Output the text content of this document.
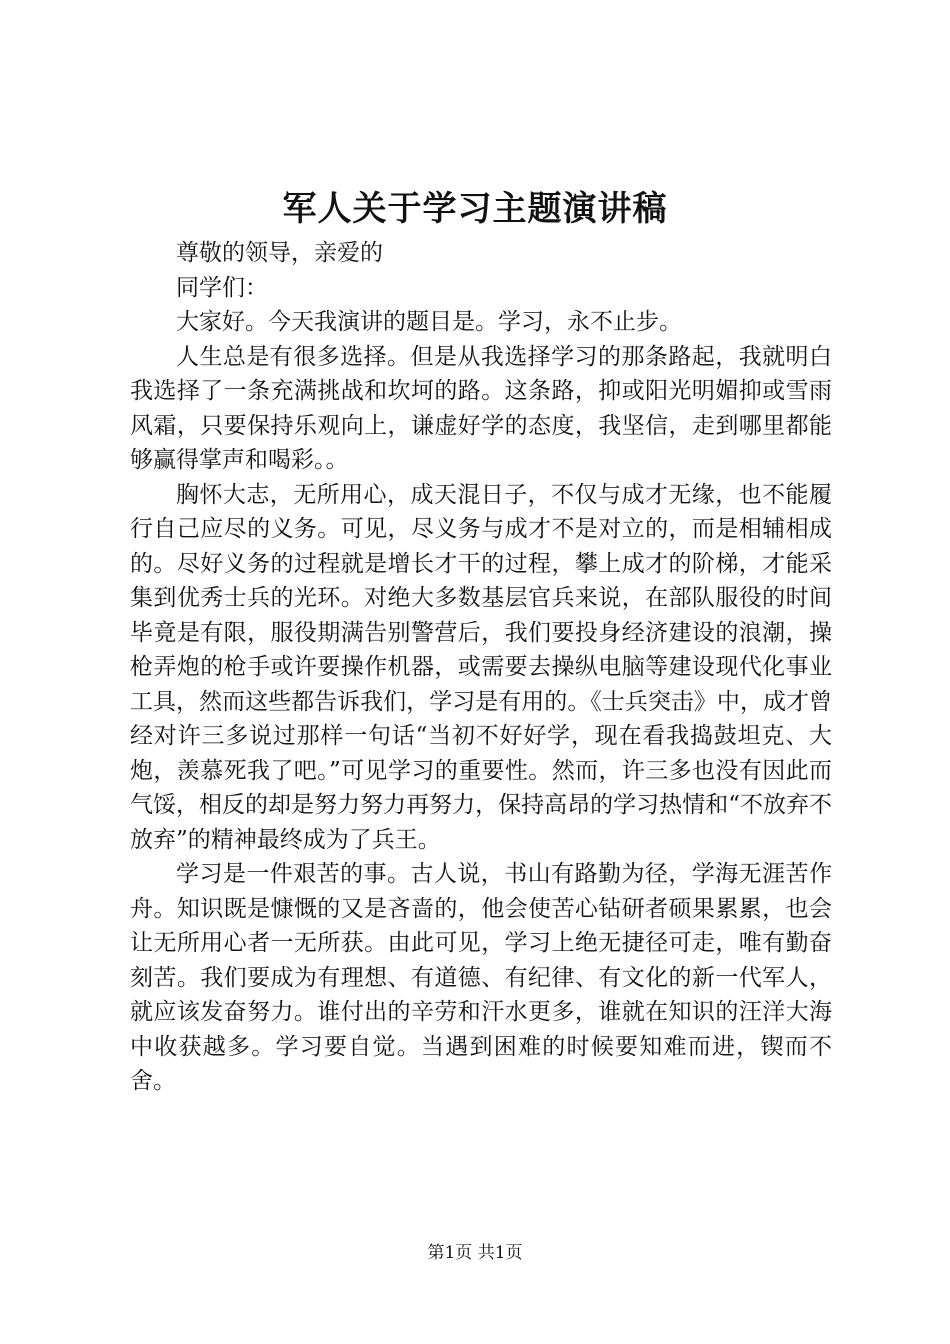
军人关于学习主题演讲稿

尊敬的领导，亲爱的

同学们：

大家好。今天我演讲的题目是。学习，永不止步。

人生总是有很多选择。但是从我选择学习的那条路起，我就明白我选择了一条充满挑战和坎坷的路。这条路，抑或阳光明媚抑或雪雨风霜，只要保持乐观向上，谦虚好学的态度，我坚信，走到哪里都能够赢得掌声和喝彩。。

胸怀大志，无所用心，成天混日子，不仅与成才无缘，也不能履行自己应尽的义务。可见，尽义务与成才不是对立的，而是相辅相成的。尽好义务的过程就是增长才干的过程，攀上成才的阶梯，才能采集到优秀士兵的光环。对绝大多数基层官兵来说，在部队服役的时间毕竟是有限，服役期满告别警营后，我们要投身经济建设的浪潮，操枪弄炮的枪手或许要操作机器，或需要去操纵电脑等建设现代化事业工具，然而这些都告诉我们，学习是有用的。《士兵突击》中，成才曾经对许三多说过那样一句话“当初不好好学，现在看我捣鼓坦克、大炮，羡慕死我了吧。”可见学习的重要性。然而，许三多也没有因此而气馁，相反的却是努力努力再努力，保持高昂的学习热情和“不放弃不放弃”的精神最终成为了兵王。

学习是一件艰苦的事。古人说，书山有路勤为径，学海无涯苦作舟。知识既是慷慨的又是吝啬的，他会使苦心钻研者硕果累累，也会让无所用心者一无所获。由此可见，学习上绝无捷径可走，唯有勤奋刻苦。我们要成为有理想、有道德、有纪律、有文化的新一代军人，就应该发奋努力。谁付出的辛劳和汗水更多，谁就在知识的汪洋大海中收获越多。学习要自觉。当遇到困难的时候要知难而进，锲而不舍。

第1页 共1页
